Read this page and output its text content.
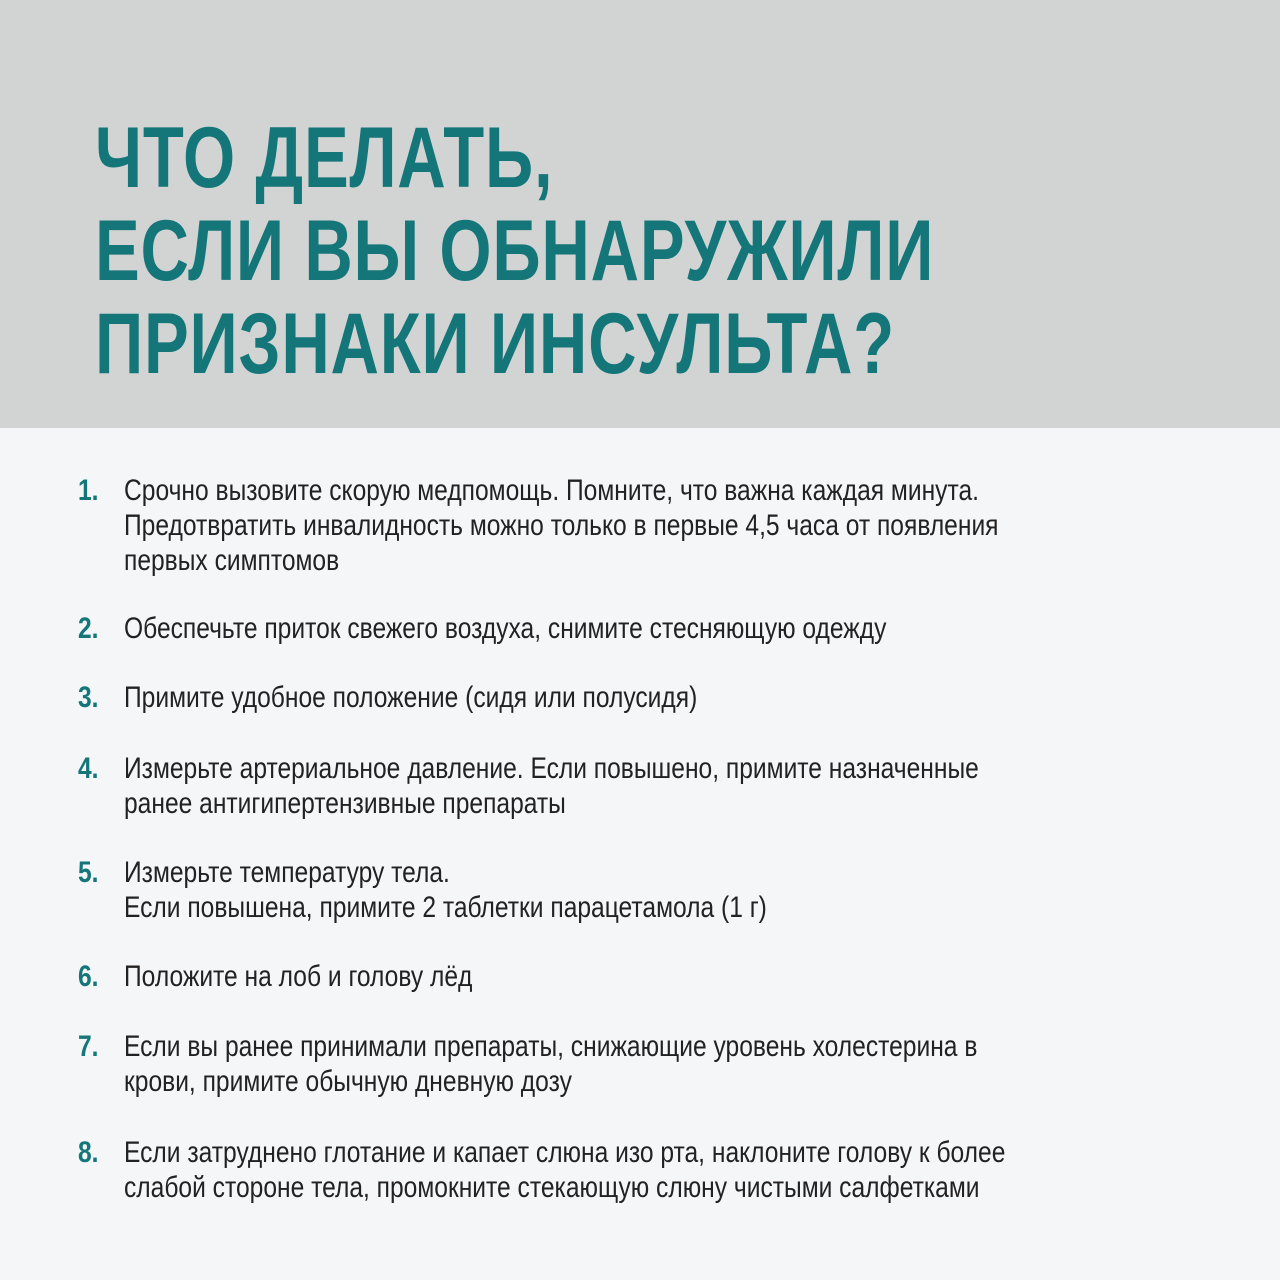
ЧТО ДЕЛАТЬ,
ЕСЛИ ВЫ ОБНАРУЖИЛИ
ПРИЗНАКИ ИНСУЛЬТА?
1. Срочно вызовите скорую медпомощь. Помните, что важна каждая минута.
Предотвратить инвалидность можно только в первые 4,5 часа от появления
первых симптомов
2. Обеспечьте приток свежего воздуха, снимите стесняющую одежду
3. Примите удобное положение (сидя или полусидя)
4. Измерьте артериальное давление. Если повышено, примите назначенные
ранее антигипертензивные препараты
5. Измерьте температуру тела.
Если повышена, примите 2 таблетки парацетамола (1 г)
6. Положите на лоб и голову лёд
7. Если вы ранее принимали препараты, снижающие уровень холестерина в
крови, примите обычную дневную дозу
8. Если затруднено глотание и капает слюна изо рта, наклоните голову к более
слабой стороне тела, промокните стекающую слюну чистыми салфетками
